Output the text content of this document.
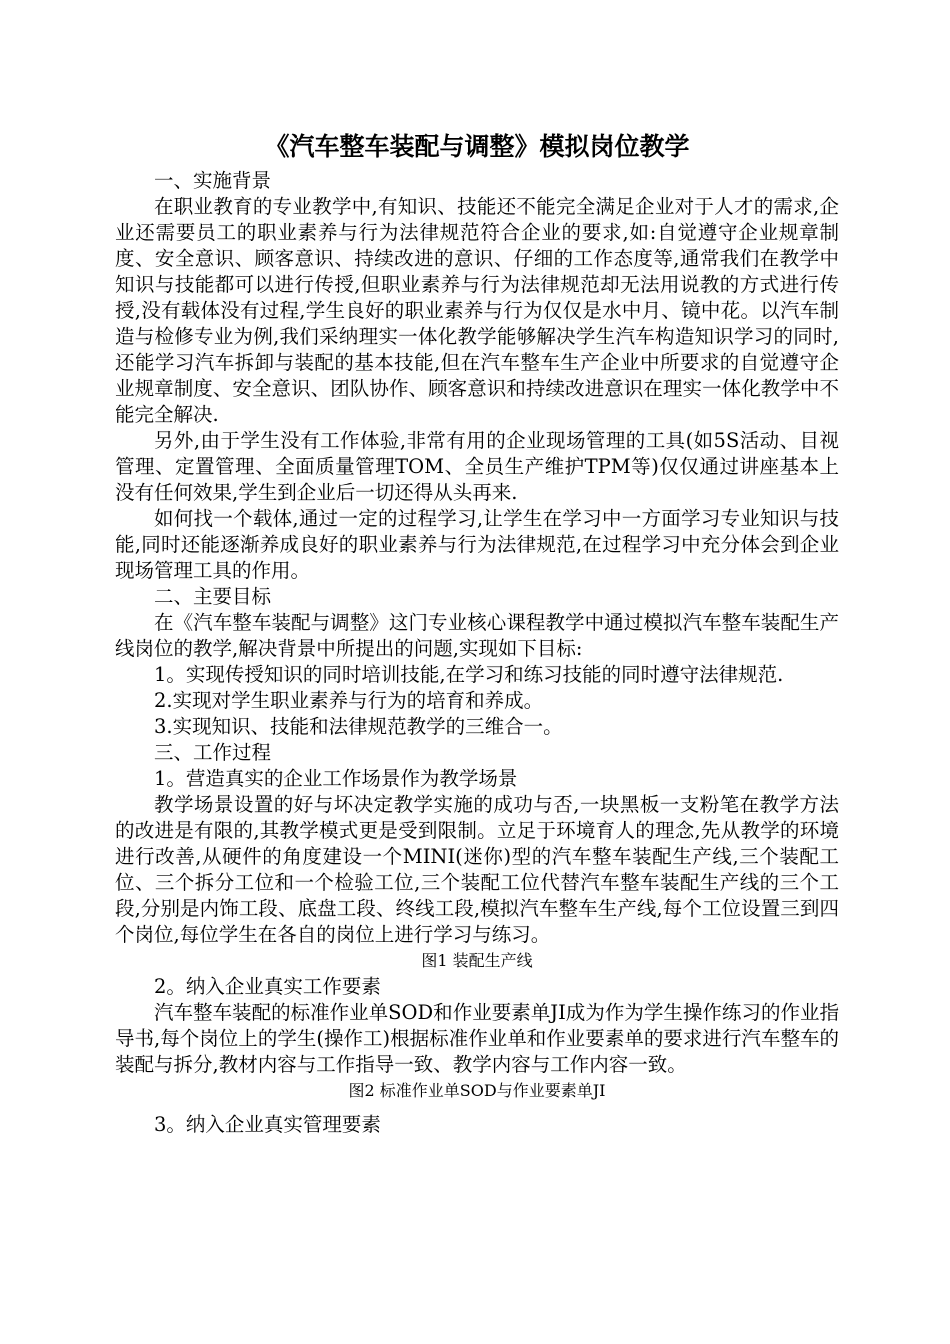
《汽车整车装配与调整》模拟岗位教学

一、实施背景

在职业教育的专业教学中,有知识、技能还不能完全满足企业对于人才的需求,企业还需要员工的职业素养与行为法律规范符合企业的要求,如:自觉遵守企业规章制度、安全意识、顾客意识、持续改进的意识、仔细的工作态度等,通常我们在教学中知识与技能都可以进行传授,但职业素养与行为法律规范却无法用说教的方式进行传授,没有载体没有过程,学生良好的职业素养与行为仅仅是水中月、镜中花。以汽车制造与检修专业为例,我们采纳理实一体化教学能够解决学生汽车构造知识学习的同时,还能学习汽车拆卸与装配的基本技能,但在汽车整车生产企业中所要求的自觉遵守企业规章制度、安全意识、团队协作、顾客意识和持续改进意识在理实一体化教学中不能完全解决.

另外,由于学生没有工作体验,非常有用的企业现场管理的工具(如5S活动、目视管理、定置管理、全面质量管理TOM、全员生产维护TPM等)仅仅通过讲座基本上没有任何效果,学生到企业后一切还得从头再来.

如何找一个载体,通过一定的过程学习,让学生在学习中一方面学习专业知识与技能,同时还能逐渐养成良好的职业素养与行为法律规范,在过程学习中充分体会到企业现场管理工具的作用。

二、主要目标

在《汽车整车装配与调整》这门专业核心课程教学中通过模拟汽车整车装配生产线岗位的教学,解决背景中所提出的问题,实现如下目标:

1。实现传授知识的同时培训技能,在学习和练习技能的同时遵守法律规范.

2.实现对学生职业素养与行为的培育和养成。

3.实现知识、技能和法律规范教学的三维合一。

三、工作过程

1。营造真实的企业工作场景作为教学场景

教学场景设置的好与坏决定教学实施的成功与否,一块黑板一支粉笔在教学方法的改进是有限的,其教学模式更是受到限制。立足于环境育人的理念,先从教学的环境进行改善,从硬件的角度建设一个MINI(迷你)型的汽车整车装配生产线,三个装配工位、三个拆分工位和一个检验工位,三个装配工位代替汽车整车装配生产线的三个工段,分别是内饰工段、底盘工段、终线工段,模拟汽车整车生产线,每个工位设置三到四个岗位,每位学生在各自的岗位上进行学习与练习。

图1 装配生产线

2。纳入企业真实工作要素

汽车整车装配的标准作业单SOD和作业要素单JI成为作为学生操作练习的作业指导书,每个岗位上的学生(操作工)根据标准作业单和作业要素单的要求进行汽车整车的装配与拆分,教材内容与工作指导一致、教学内容与工作内容一致。

图2 标准作业单SOD与作业要素单JI

3。纳入企业真实管理要素
